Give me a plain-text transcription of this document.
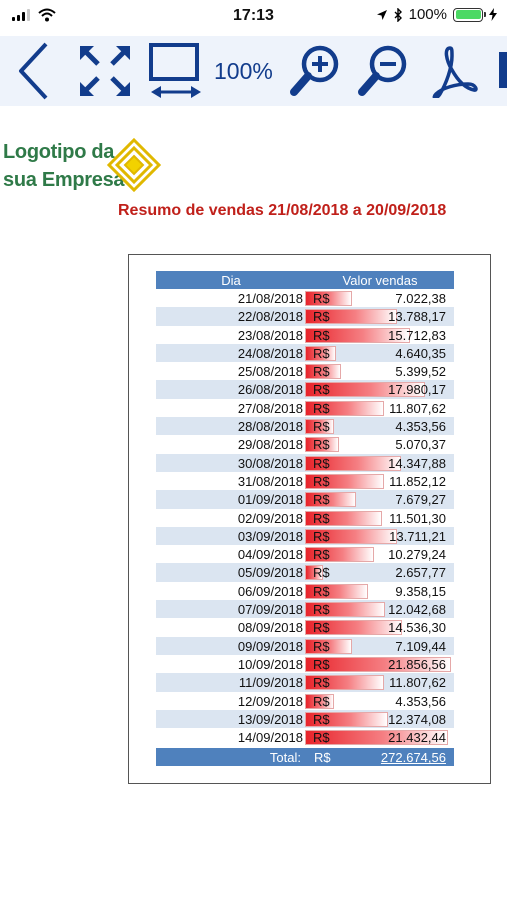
17:13	100%
100%
Logotipo da
sua Empresa
Resumo de vendas 21/08/2018 a 20/09/2018
Dia	Valor vendas
21/08/2018 R$	7.022,38
22/08/2018 R$	13.788,17
23/08/2018 R$	15.712,83
24/08/2018 R$	4.640,35
25/08/2018 R$	5.399,52
26/08/2018 R$	17.980,17
27/08/2018 R$	11.807,62
28/08/2018 R$	4.353,56
29/08/2018 R$	5.070,37
30/08/2018 R$	14.347,88
31/08/2018 R$	11.852,12
01/09/2018 R$	7.679,27
02/09/2018 R$	11.501,30
03/09/2018 R$	13.711,21
04/09/2018 R$	10.279,24
05/09/2018 R$	2.657,77
06/09/2018 R$	9.358,15
07/09/2018 R$	12.042,68
08/09/2018 R$	14.536,30
09/09/2018 R$	7.109,44
10/09/2018 R$	21.856,56
11/09/2018 R$	11.807,62
12/09/2018 R$	4.353,56
13/09/2018 R$	12.374,08
14/09/2018 R$	21.432,44
Total: R$	272.674,56
